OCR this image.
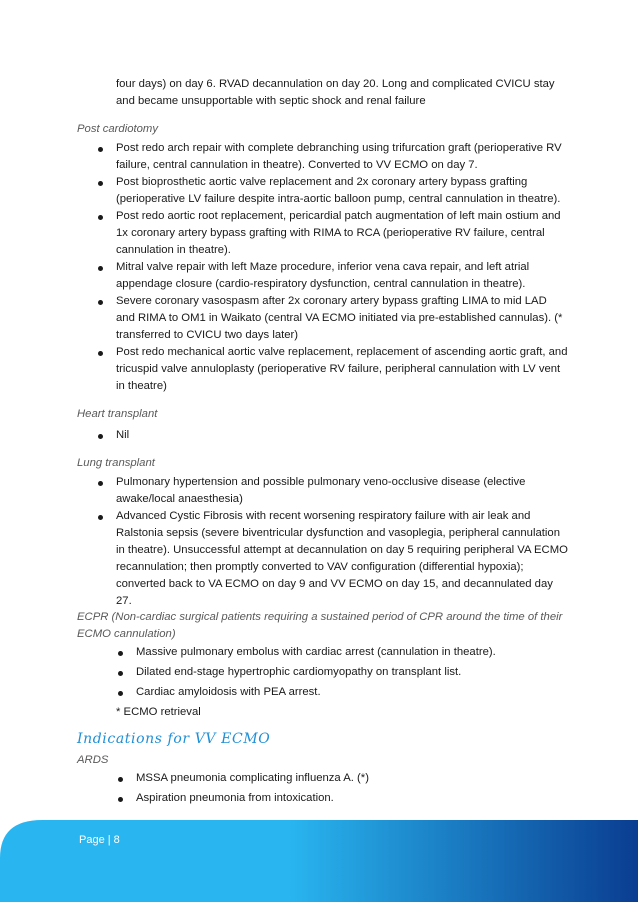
four days) on day 6. RVAD decannulation on day 20. Long and complicated CVICU stay and became unsupportable with septic shock and renal failure
Post cardiotomy
Post redo arch repair with complete debranching using trifurcation graft (perioperative RV failure, central cannulation in theatre). Converted to VV ECMO on day 7.
Post bioprosthetic aortic valve replacement and 2x coronary artery bypass grafting (perioperative LV failure despite intra-aortic balloon pump, central cannulation in theatre).
Post redo aortic root replacement, pericardial patch augmentation of left main ostium and 1x coronary artery bypass grafting with RIMA to RCA (perioperative RV failure, central cannulation in theatre).
Mitral valve repair with left Maze procedure, inferior vena cava repair, and left atrial appendage closure (cardio-respiratory dysfunction, central cannulation in theatre).
Severe coronary vasospasm after 2x coronary artery bypass grafting LIMA to mid LAD and RIMA to OM1 in Waikato (central VA ECMO initiated via pre-established cannulas). (* transferred to CVICU two days later)
Post redo mechanical aortic valve replacement, replacement of ascending aortic graft, and tricuspid valve annuloplasty (perioperative RV failure, peripheral cannulation with LV vent in theatre)
Heart transplant
Nil
Lung transplant
Pulmonary hypertension and possible pulmonary veno-occlusive disease (elective awake/local anaesthesia)
Advanced Cystic Fibrosis with recent worsening respiratory failure with air leak and Ralstonia sepsis (severe biventricular dysfunction and vasoplegia, peripheral cannulation in theatre). Unsuccessful attempt at decannulation on day 5 requiring peripheral VA ECMO recannulation; then promptly converted to VAV configuration (differential hypoxia); converted back to VA ECMO on day 9 and VV ECMO on day 15, and decannulated day 27.
ECPR (Non-cardiac surgical patients requiring a sustained period of CPR around the time of their
ECMO cannulation)
Massive pulmonary embolus with cardiac arrest (cannulation in theatre).
Dilated end-stage hypertrophic cardiomyopathy on transplant list.
Cardiac amyloidosis with PEA arrest.
* ECMO retrieval
Indications for VV ECMO
ARDS
MSSA pneumonia complicating influenza A. (*)
Aspiration pneumonia from intoxication.
Page | 8
